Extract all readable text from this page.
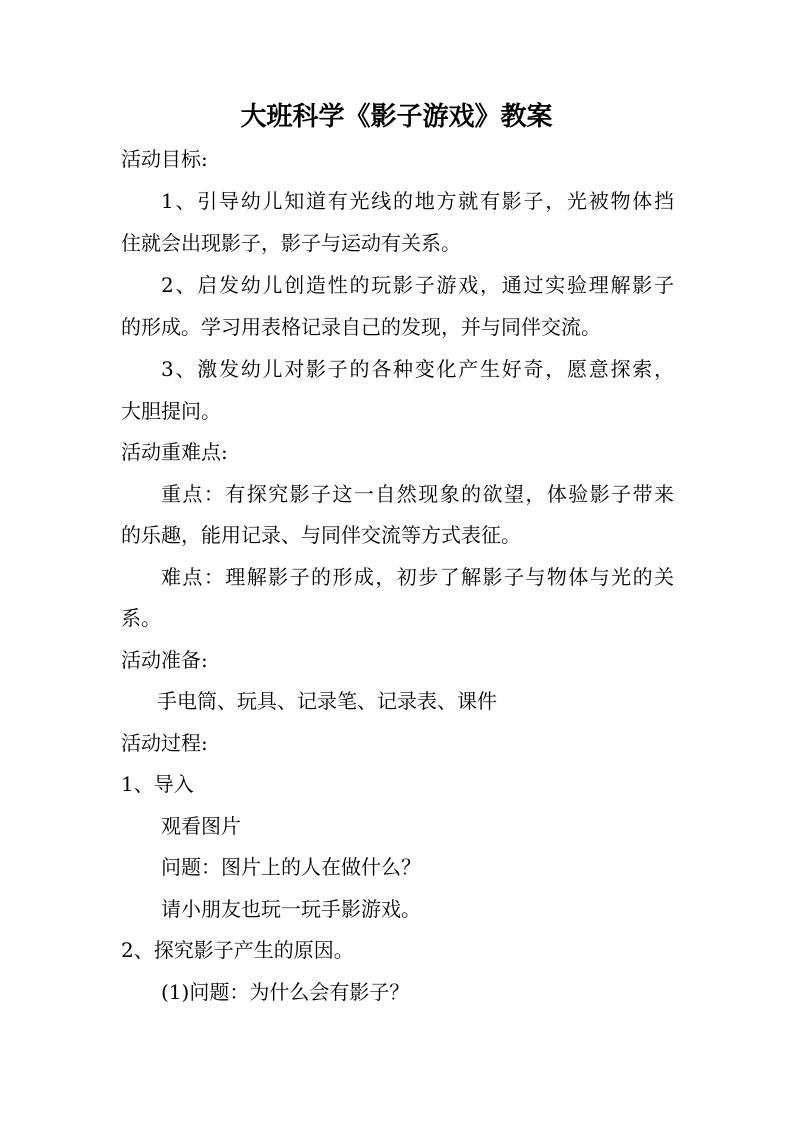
大班科学《影子游戏》教案

活动目标:

1、引导幼儿知道有光线的地方就有影子，光被物体挡

住就会出现影子，影子与运动有关系。

2、启发幼儿创造性的玩影子游戏，通过实验理解影子

的形成。学习用表格记录自己的发现，并与同伴交流。

3、激发幼儿对影子的各种变化产生好奇，愿意探索，

大胆提问。

活动重难点:

重点：有探究影子这一自然现象的欲望，体验影子带来

的乐趣，能用记录、与同伴交流等方式表征。

难点：理解影子的形成，初步了解影子与物体与光的关

系。

活动准备:

手电筒、玩具、记录笔、记录表、课件

活动过程:

1、导入

观看图片

问题：图片上的人在做什么？

请小朋友也玩一玩手影游戏。

2、探究影子产生的原因。

(1)问题：为什么会有影子？
